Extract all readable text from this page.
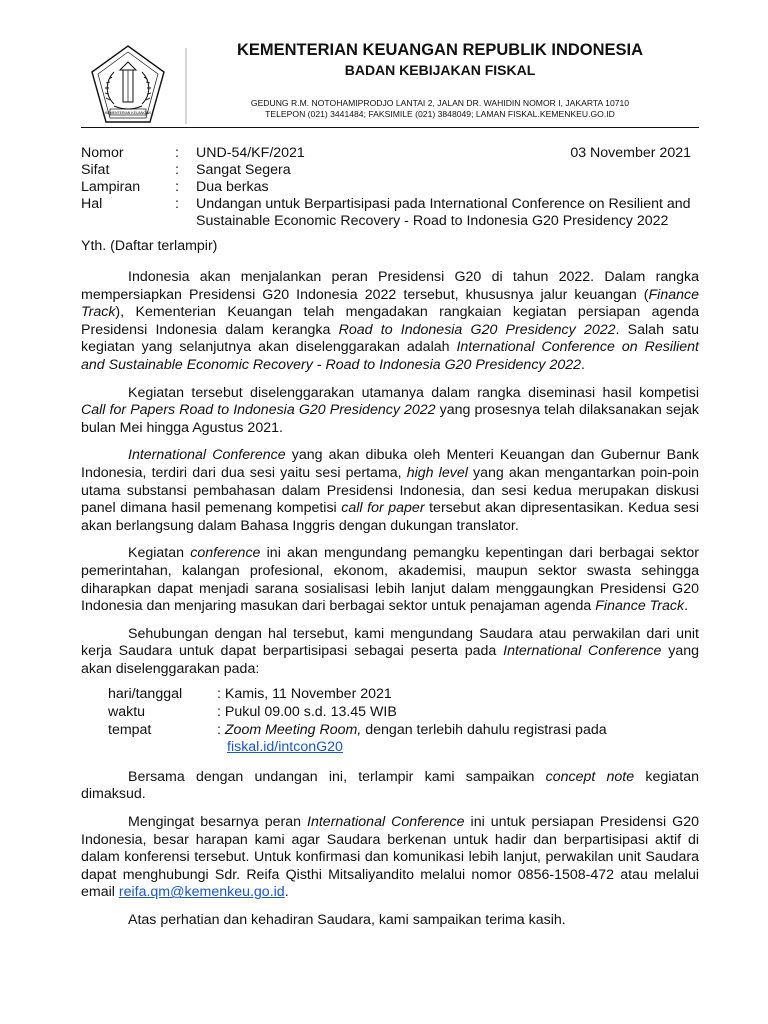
KEMENTERIAN KEUANGAN
KEMENTERIAN KEUANGAN REPUBLIK INDONESIA
BADAN KEBIJAKAN FISKAL
GEDUNG R.M. NOTOHAMIPRODJO LANTAI 2, JALAN DR. WAHIDIN NOMOR I, JAKARTA 10710
TELEPON (021) 3441484; FAKSIMILE (021) 3848049; LAMAN FISKAL.KEMENKEU.GO.ID
Nomor	: UND-54/KF/2021	03 November 2021
Sifat	: Sangat Segera
Lampiran : Dua berkas
Hal	: Undangan untuk Berpartisipasi pada International Conference on Resilient and Sustainable Economic Recovery - Road to Indonesia G20 Presidency 2022
Yth. (Daftar terlampir)

Indonesia akan menjalankan peran Presidensi G20 di tahun 2022. Dalam rangka mempersiapkan Presidensi G20 Indonesia 2022 tersebut, khususnya jalur keuangan (Finance Track), Kementerian Keuangan telah mengadakan rangkaian kegiatan persiapan agenda Presidensi Indonesia dalam kerangka Road to Indonesia G20 Presidency 2022. Salah satu kegiatan yang selanjutnya akan diselenggarakan adalah International Conference on Resilient and Sustainable Economic Recovery - Road to Indonesia G20 Presidency 2022.

Kegiatan tersebut diselenggarakan utamanya dalam rangka diseminasi hasil kompetisi Call for Papers Road to Indonesia G20 Presidency 2022 yang prosesnya telah dilaksanakan sejak bulan Mei hingga Agustus 2021.

International Conference yang akan dibuka oleh Menteri Keuangan dan Gubernur Bank Indonesia, terdiri dari dua sesi yaitu sesi pertama, high level yang akan mengantarkan poin-poin utama substansi pembahasan dalam Presidensi Indonesia, dan sesi kedua merupakan diskusi panel dimana hasil pemenang kompetisi call for paper tersebut akan dipresentasikan. Kedua sesi akan berlangsung dalam Bahasa Inggris dengan dukungan translator.

Kegiatan conference ini akan mengundang pemangku kepentingan dari berbagai sektor pemerintahan, kalangan profesional, ekonom, akademisi, maupun sektor swasta sehingga diharapkan dapat menjadi sarana sosialisasi lebih lanjut dalam menggaungkan Presidensi G20 Indonesia dan menjaring masukan dari berbagai sektor untuk penajaman agenda Finance Track.

Sehubungan dengan hal tersebut, kami mengundang Saudara atau perwakilan dari unit kerja Saudara untuk dapat berpartisipasi sebagai peserta pada International Conference yang akan diselenggarakan pada:

hari/tanggal : Kamis, 11 November 2021
waktu	: Pukul 09.00 s.d. 13.45 WIB
tempat	: Zoom Meeting Room, dengan terlebih dahulu registrasi pada
fiskal.id/intconG20

Bersama dengan undangan ini, terlampir kami sampaikan concept note kegiatan dimaksud.

Mengingat besarnya peran International Conference ini untuk persiapan Presidensi G20 Indonesia, besar harapan kami agar Saudara berkenan untuk hadir dan berpartisipasi aktif di dalam konferensi tersebut. Untuk konfirmasi dan komunikasi lebih lanjut, perwakilan unit Saudara dapat menghubungi Sdr. Reifa Qisthi Mitsaliyandito melalui nomor 0856-1508-472 atau melalui email reifa.qm@kemenkeu.go.id.

Atas perhatian dan kehadiran Saudara, kami sampaikan terima kasih.
